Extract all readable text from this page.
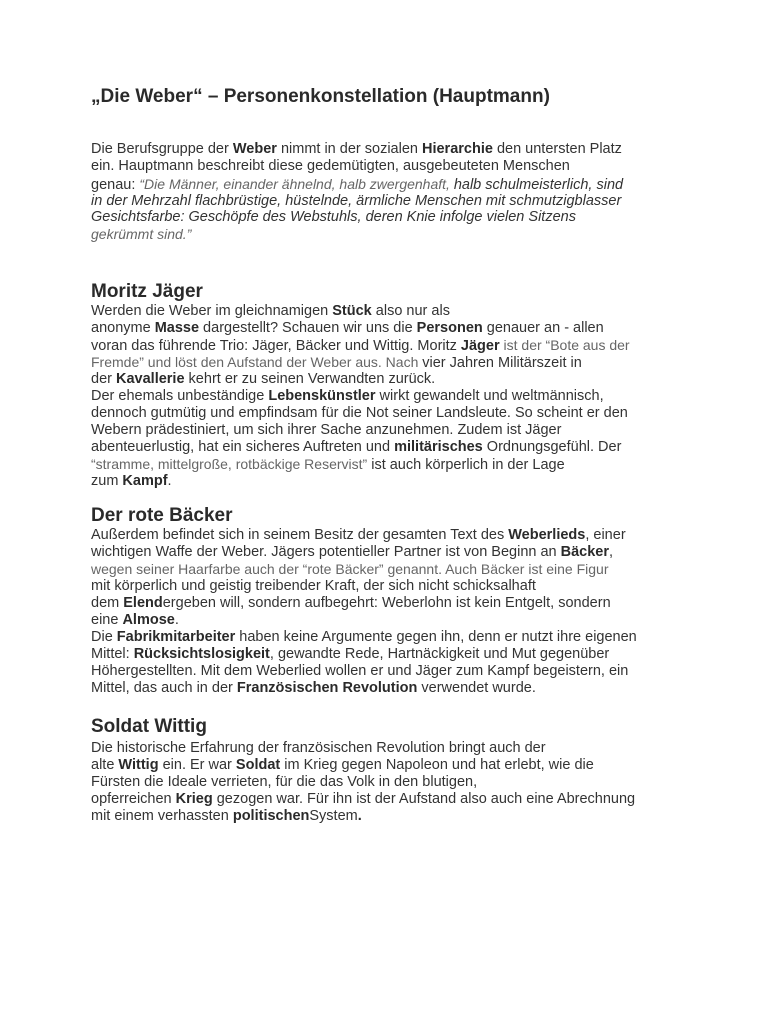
„Die Weber“ – Personenkonstellation (Hauptmann)

Die Berufsgruppe der Weber nimmt in der sozialen Hierarchie den untersten Platz

ein. Hauptmann beschreibt diese gedemütigten, ausgebeuteten Menschen

genau: “Die Männer, einander ähnelnd, halb zwergenhaft, halb schulmeisterlich, sind

in der Mehrzahl flachbrüstige, hüstelnde, ärmliche Menschen mit schmutzigblasser

Gesichtsfarbe: Geschöpfe des Webstuhls, deren Knie infolge vielen Sitzens

gekrümmt sind.”

Moritz Jäger

Werden die Weber im gleichnamigen Stück also nur als

anonyme Masse dargestellt? Schauen wir uns die Personen genauer an - allen

voran das führende Trio: Jäger, Bäcker und Wittig. Moritz Jäger ist der “Bote aus der

Fremde” und löst den Aufstand der Weber aus. Nach vier Jahren Militärszeit in

der Kavallerie kehrt er zu seinen Verwandten zurück.

Der ehemals unbeständige Lebenskünstler wirkt gewandelt und weltmännisch,

dennoch gutmütig und empfindsam für die Not seiner Landsleute. So scheint er den

Webern prädestiniert, um sich ihrer Sache anzunehmen. Zudem ist Jäger

abenteuerlustig, hat ein sicheres Auftreten und militärisches Ordnungsgefühl. Der

“stramme, mittelgroße, rotbäckige Reservist” ist auch körperlich in der Lage

zum Kampf.

Der rote Bäcker

Außerdem befindet sich in seinem Besitz der gesamten Text des Weberlieds, einer

wichtigen Waffe der Weber. Jägers potentieller Partner ist von Beginn an Bäcker,

wegen seiner Haarfarbe auch der “rote Bäcker” genannt. Auch Bäcker ist eine Figur

mit körperlich und geistig treibender Kraft, der sich nicht schicksalhaft

dem Elendergeben will, sondern aufbegehrt: Weberlohn ist kein Entgelt, sondern

eine Almose.

Die Fabrikmitarbeiter haben keine Argumente gegen ihn, denn er nutzt ihre eigenen

Mittel: Rücksichtslosigkeit, gewandte Rede, Hartnäckigkeit und Mut gegenüber

Höhergestellten. Mit dem Weberlied wollen er und Jäger zum Kampf begeistern, ein

Mittel, das auch in der Französischen Revolution verwendet wurde.

Soldat Wittig

Die historische Erfahrung der französischen Revolution bringt auch der

alte Wittig ein. Er war Soldat im Krieg gegen Napoleon und hat erlebt, wie die

Fürsten die Ideale verrieten, für die das Volk in den blutigen,

opferreichen Krieg gezogen war. Für ihn ist der Aufstand also auch eine Abrechnung

mit einem verhassten politischenSystem.
